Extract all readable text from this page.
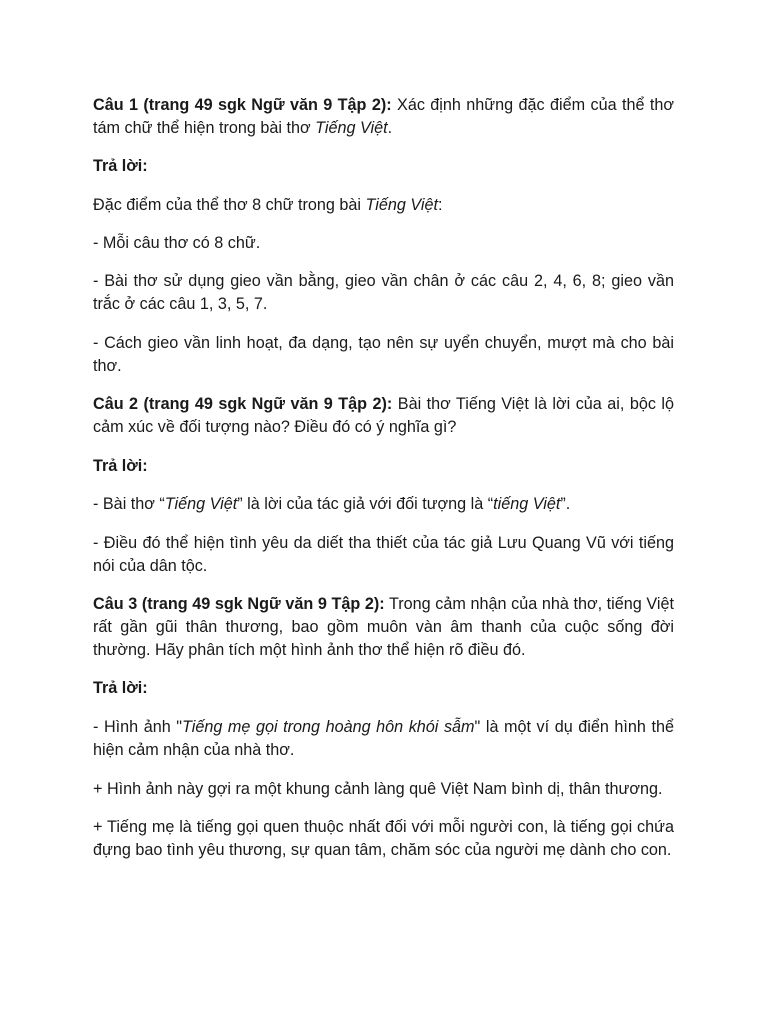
Câu 1 (trang 49 sgk Ngữ văn 9 Tập 2): Xác định những đặc điểm của thể thơ tám chữ thể hiện trong bài thơ Tiếng Việt.

Trả lời:

Đặc điểm của thể thơ 8 chữ trong bài Tiếng Việt:

- Mỗi câu thơ có 8 chữ.

- Bài thơ sử dụng gieo vần bằng, gieo vần chân ở các câu 2, 4, 6, 8; gieo vần trắc ở các câu 1, 3, 5, 7.

- Cách gieo vần linh hoạt, đa dạng, tạo nên sự uyển chuyển, mượt mà cho bài thơ.

Câu 2 (trang 49 sgk Ngữ văn 9 Tập 2): Bài thơ Tiếng Việt là lời của ai, bộc lộ cảm xúc về đối tượng nào? Điều đó có ý nghĩa gì?

Trả lời:

- Bài thơ “Tiếng Việt” là lời của tác giả với đối tượng là “tiếng Việt”.

- Điều đó thể hiện tình yêu da diết tha thiết của tác giả Lưu Quang Vũ với tiếng nói của dân tộc.

Câu 3 (trang 49 sgk Ngữ văn 9 Tập 2): Trong cảm nhận của nhà thơ, tiếng Việt rất gần gũi thân thương, bao gồm muôn vàn âm thanh của cuộc sống đời thường. Hãy phân tích một hình ảnh thơ thể hiện rõ điều đó.

Trả lời:

- Hình ảnh "Tiếng mẹ gọi trong hoàng hôn khói sẫm" là một ví dụ điển hình thể hiện cảm nhận của nhà thơ.

+ Hình ảnh này gợi ra một khung cảnh làng quê Việt Nam bình dị, thân thương.

+ Tiếng mẹ là tiếng gọi quen thuộc nhất đối với mỗi người con, là tiếng gọi chứa đựng bao tình yêu thương, sự quan tâm, chăm sóc của người mẹ dành cho con.
